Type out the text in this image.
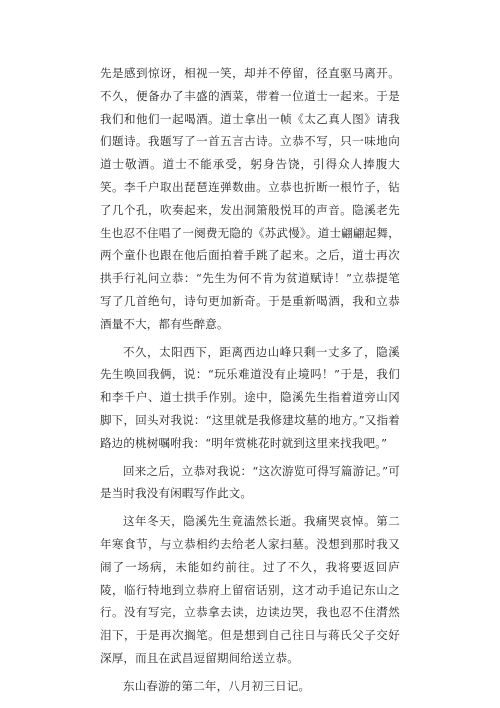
先是感到惊讶，相视一笑，却并不停留，径直驱马离开。不久，便备办了丰盛的酒菜，带着一位道士一起来。于是我们和他们一起喝酒。道士拿出一帧《太乙真人图》请我们题诗。我题写了一首五言古诗。立恭不写，只一味地向道士敬酒。道士不能承受，躬身告饶，引得众人捧腹大笑。李千户取出琵琶连弹数曲。立恭也折断一根竹子，钻了几个孔，吹奏起来，发出洞箫般悦耳的声音。隐溪老先生也忍不住唱了一阕费无隐的《苏武慢》。道士翩翩起舞，两个童仆也跟在他后面拍着手跳了起来。之后，道士再次拱手行礼问立恭：“先生为何不肯为贫道赋诗！”立恭提笔写了几首绝句，诗句更加新奇。于是重新喝酒，我和立恭酒量不大，都有些醉意。

不久，太阳西下，距离西边山峰只剩一丈多了，隐溪先生唤回我俩，说：“玩乐难道没有止境吗！”于是，我们和李千户、道士拱手作别。途中，隐溪先生指着道旁山冈脚下，回头对我说：“这里就是我修建坟墓的地方。”又指着路边的桃树嘱咐我：“明年赏桃花时就到这里来找我吧。”

回来之后，立恭对我说：“这次游览可得写篇游记。”可是当时我没有闲暇写作此文。

这年冬天，隐溪先生竟溘然长逝。我痛哭哀悼。第二年寒食节，与立恭相约去给老人家扫墓。没想到那时我又闹了一场病，未能如约前往。过了不久，我将要返回庐陵，临行特地到立恭府上留宿话别，这才动手追记东山之行。没有写完，立恭拿去读，边读边哭，我也忍不住潸然泪下，于是再次搁笔。但是想到自己往日与蒋氏父子交好深厚，而且在武昌逗留期间给送立恭。

东山春游的第二年，八月初三日记。
